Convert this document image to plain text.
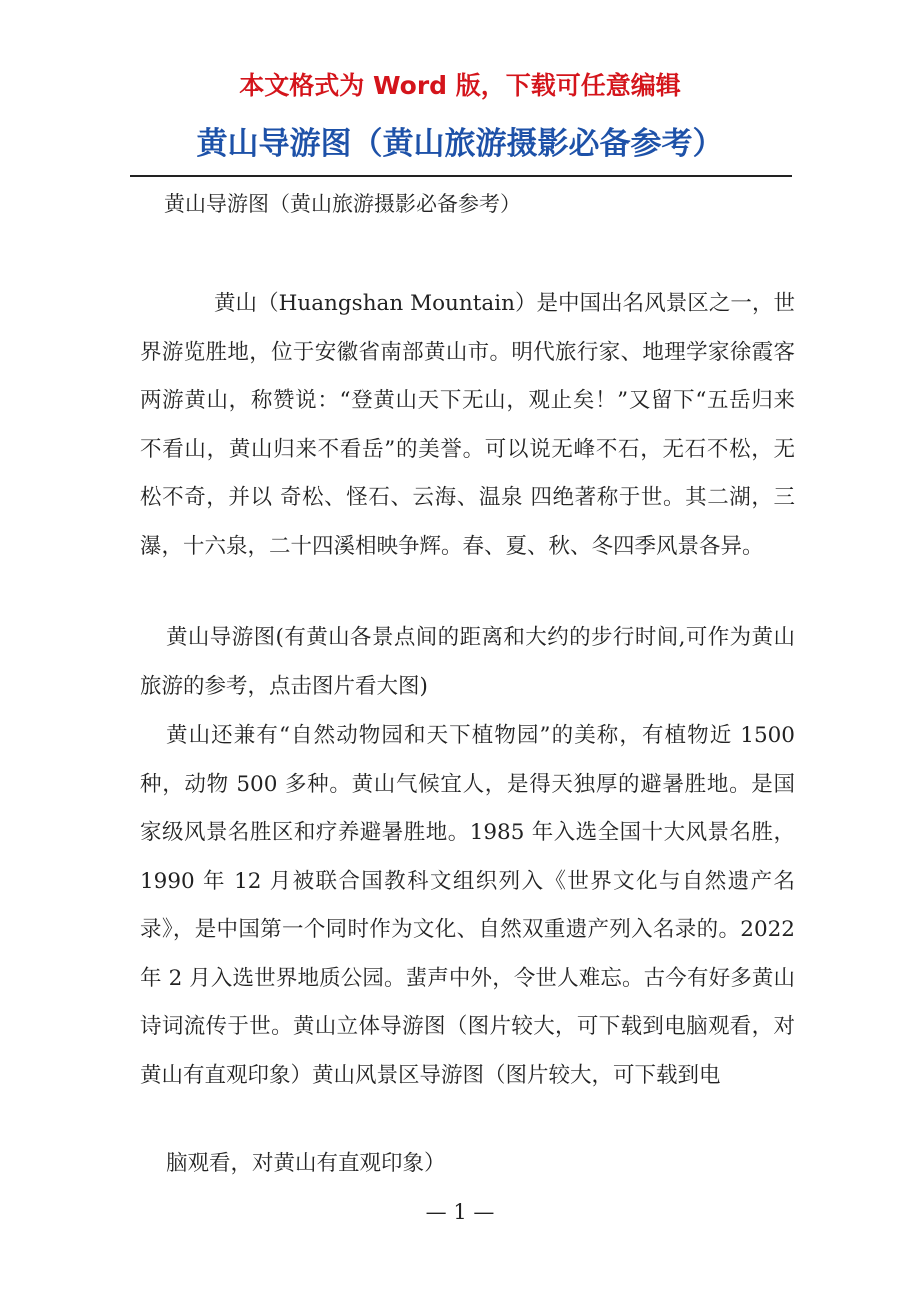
本文格式为 Word 版，下载可任意编辑

黄山导游图（黄山旅游摄影必备参考）

黄山导游图（黄山旅游摄影必备参考）

黄山（Huangshan Mountain）是中国出名风景区之一，世界游览胜地，位于安徽省南部黄山市。明代旅行家、地理学家徐霞客两游黄山，称赞说：“登黄山天下无山，观止矣！”又留下“五岳归来不看山，黄山归来不看岳”的美誉。可以说无峰不石，无石不松，无松不奇，并以 奇松、怪石、云海、温泉 四绝著称于世。其二湖，三瀑，十六泉，二十四溪相映争辉。春、夏、秋、冬四季风景各异。

黄山导游图(有黄山各景点间的距离和大约的步行时间,可作为黄山旅游的参考，点击图片看大图)

黄山还兼有“自然动物园和天下植物园”的美称，有植物近 1500 种，动物 500 多种。黄山气候宜人，是得天独厚的避暑胜地。是国家级风景名胜区和疗养避暑胜地。1985 年入选全国十大风景名胜，1990 年 12 月被联合国教科文组织列入《世界文化与自然遗产名录》，是中国第一个同时作为文化、自然双重遗产列入名录的。2022 年 2 月入选世界地质公园。蜚声中外，令世人难忘。古今有好多黄山诗词流传于世。黄山立体导游图（图片较大，可下载到电脑观看，对黄山有直观印象）黄山风景区导游图（图片较大，可下载到电

脑观看，对黄山有直观印象）

— 1 —
